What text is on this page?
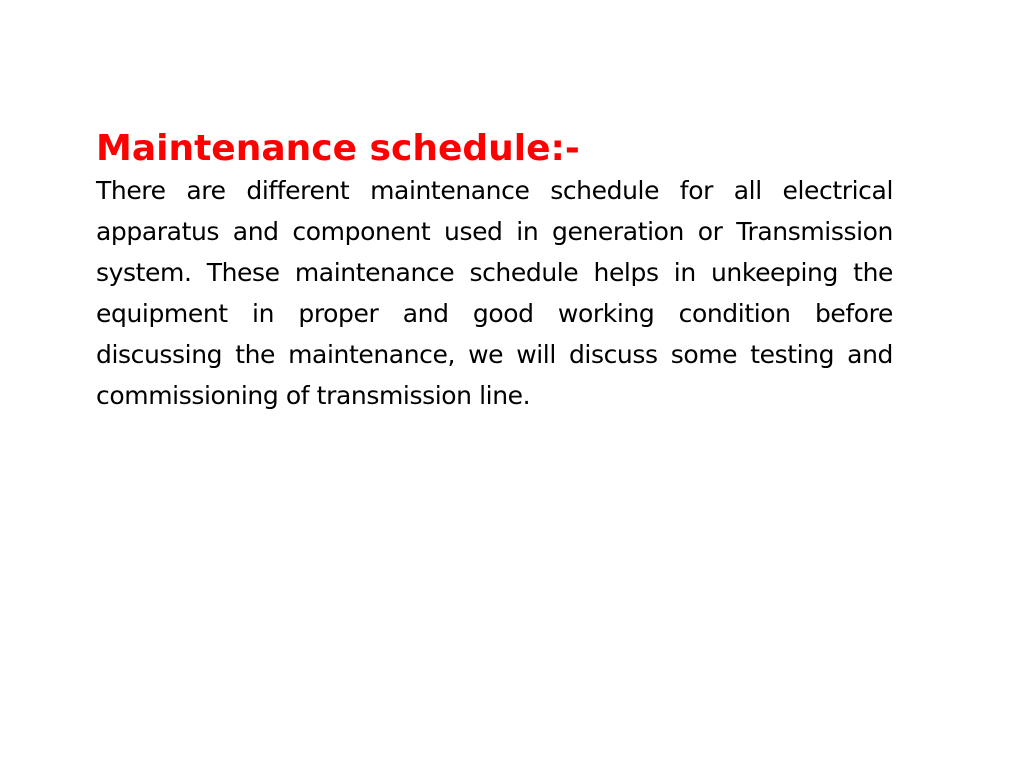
Maintenance schedule:-

There are different maintenance schedule for all electrical apparatus and component used in generation or Transmission system. These maintenance schedule helps in unkeeping the equipment in proper and good working condition before discussing the maintenance, we will discuss some testing and commissioning of transmission line.
